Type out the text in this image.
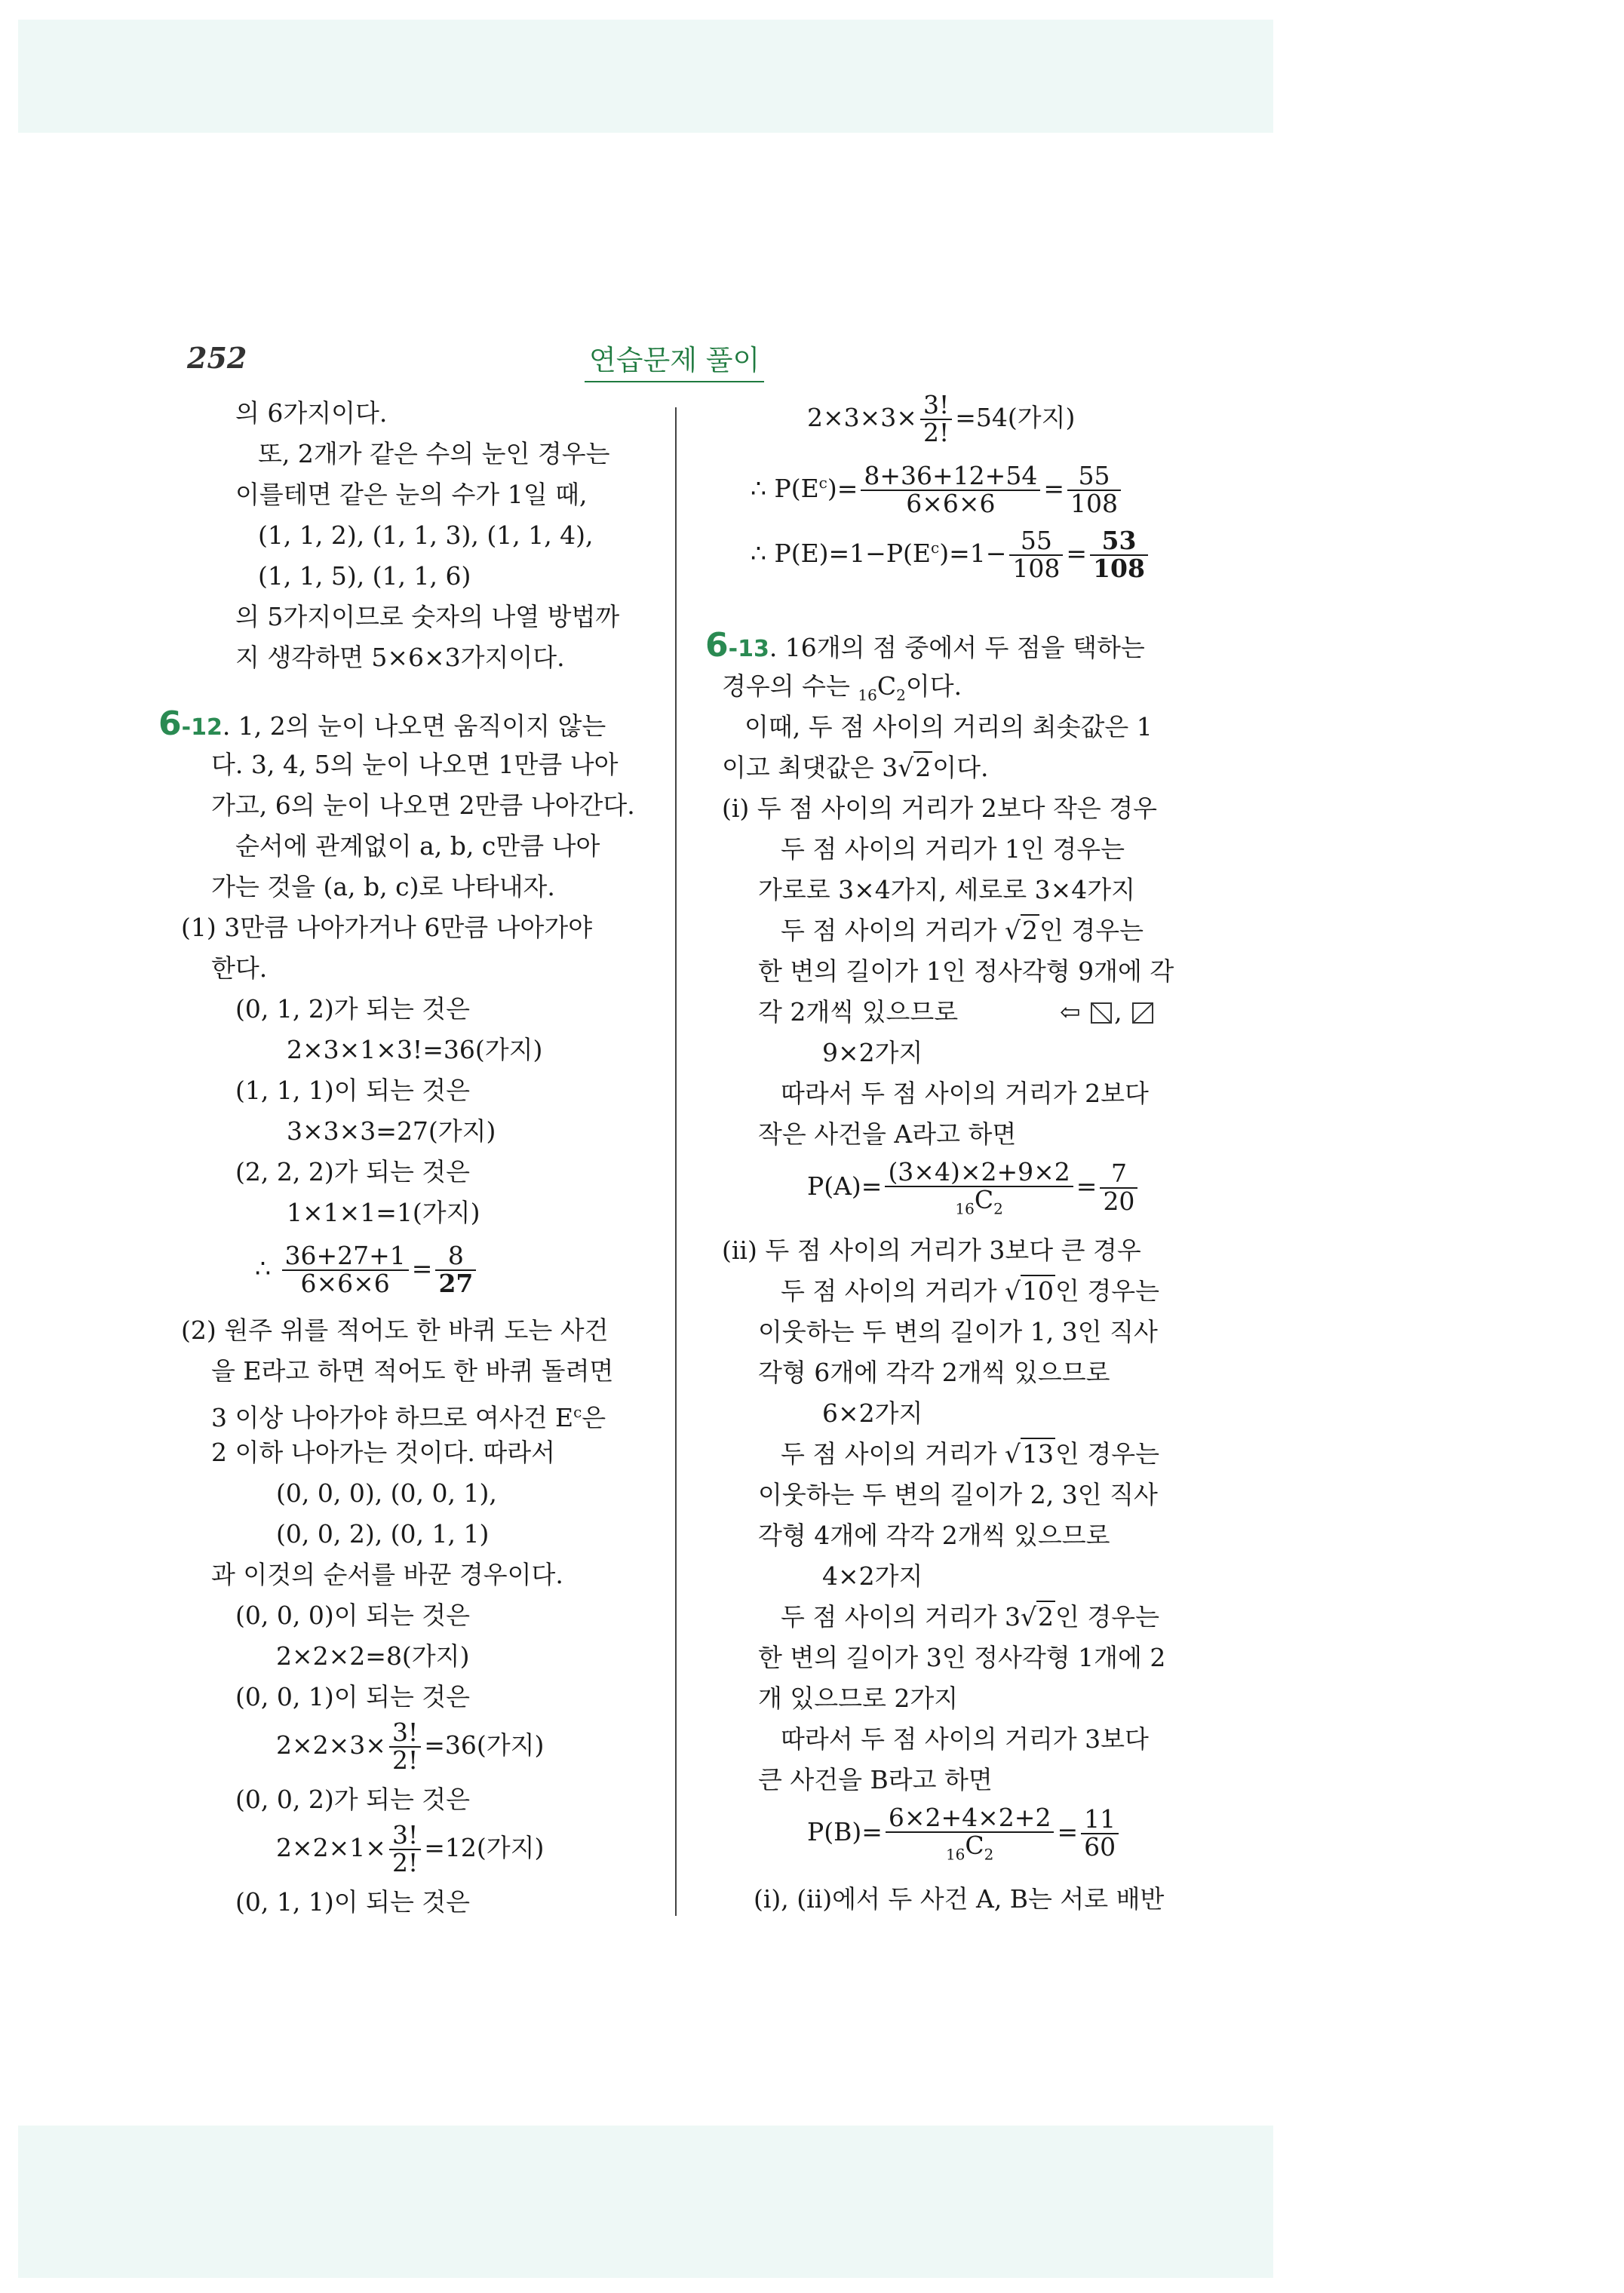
252	연습문제 풀이
의 6가지이다.
또, 2개가 같은 수의 눈인 경우는
이를테면 같은 눈의 수가 1일 때,
(1, 1, 2), (1, 1, 3), (1, 1, 4),
(1, 1, 5), (1, 1, 6)
의 5가지이므로 숫자의 나열 방법까
지 생각하면 5×6×3가지이다.
6-12. 1, 2의 눈이 나오면 움직이지 않는
다. 3, 4, 5의 눈이 나오면 1만큼 나아
가고, 6의 눈이 나오면 2만큼 나아간다.
순서에 관계없이 a, b, c만큼 나아
가는 것을 (a, b, c)로 나타내자.
(1) 3만큼 나아가거나 6만큼 나아가야
한다.
(0, 1, 2)가 되는 것은
2×3×1×3!=36(가지)
(1, 1, 1)이 되는 것은
3×3×3=27(가지)
(2, 2, 2)가 되는 것은
1×1×1=1(가지)
∴ $\frac{36+27+1}{6\times 6\times 6} = \frac{8}{27}$
(2) 원주 위를 적어도 한 바퀴 도는 사건
을 E라고 하면 적어도 한 바퀴 돌려면
3 이상 나아가야 하므로 여사건 $E^c$은
2 이하 나아가는 것이다. 따라서
(0, 0, 0), (0, 0, 1),
(0, 0, 2), (0, 1, 1)
과 이것의 순서를 바꾼 경우이다.
(0, 0, 0)이 되는 것은
2×2×2=8(가지)
(0, 0, 1)이 되는 것은
$2\times 2\times 3\times \frac{3!}{2!} =36$(가지)
(0, 0, 2)가 되는 것은
$2\times 2\times 1\times \frac{3!}{2!} =12$(가지)
(0, 1, 1)이 되는 것은
$2\times 3\times 3\times \frac{3!}{2!} =54$(가지)
∴ $P(E^c)= \frac{8+36+12+54}{6\times 6\times 6} = \frac{55}{108}$
∴ $P(E)=1-P(E^c)=1- \frac{55}{108} = \frac{53}{108}$
6-13. 16개의 점 중에서 두 점을 택하는
경우의 수는 $_{16}C_2$이다.
이때, 두 점 사이의 거리의 최솟값은 1
이고 최댓값은 3√2이다.
(i) 두 점 사이의 거리가 2보다 작은 경우
두 점 사이의 거리가 1인 경우는
가로로 3×4가지, 세로로 3×4가지
두 점 사이의 거리가 √2인 경우는
한 변의 길이가 1인 정사각형 9개에 각
각 2개씩 있으므로	⇦ ,
9×2가지
따라서 두 점 사이의 거리가 2보다
작은 사건을 A라고 하면
$P(A)= \frac{(3\times 4)\times 2+9\times 2}{_{16}C_2} = \frac{7}{20}$
(ii) 두 점 사이의 거리가 3보다 큰 경우
두 점 사이의 거리가 √10인 경우는
이웃하는 두 변의 길이가 1, 3인 직사
각형 6개에 각각 2개씩 있으므로
6×2가지
두 점 사이의 거리가 √13인 경우는
이웃하는 두 변의 길이가 2, 3인 직사
각형 4개에 각각 2개씩 있으므로
4×2가지
두 점 사이의 거리가 3√2인 경우는
한 변의 길이가 3인 정사각형 1개에 2
개 있으므로 2가지
따라서 두 점 사이의 거리가 3보다
큰 사건을 B라고 하면
$P(B)= \frac{6\times 2+4\times 2+2}{_{16}C_2} = \frac{11}{60}$
(i), (ii)에서 두 사건 A, B는 서로 배반
